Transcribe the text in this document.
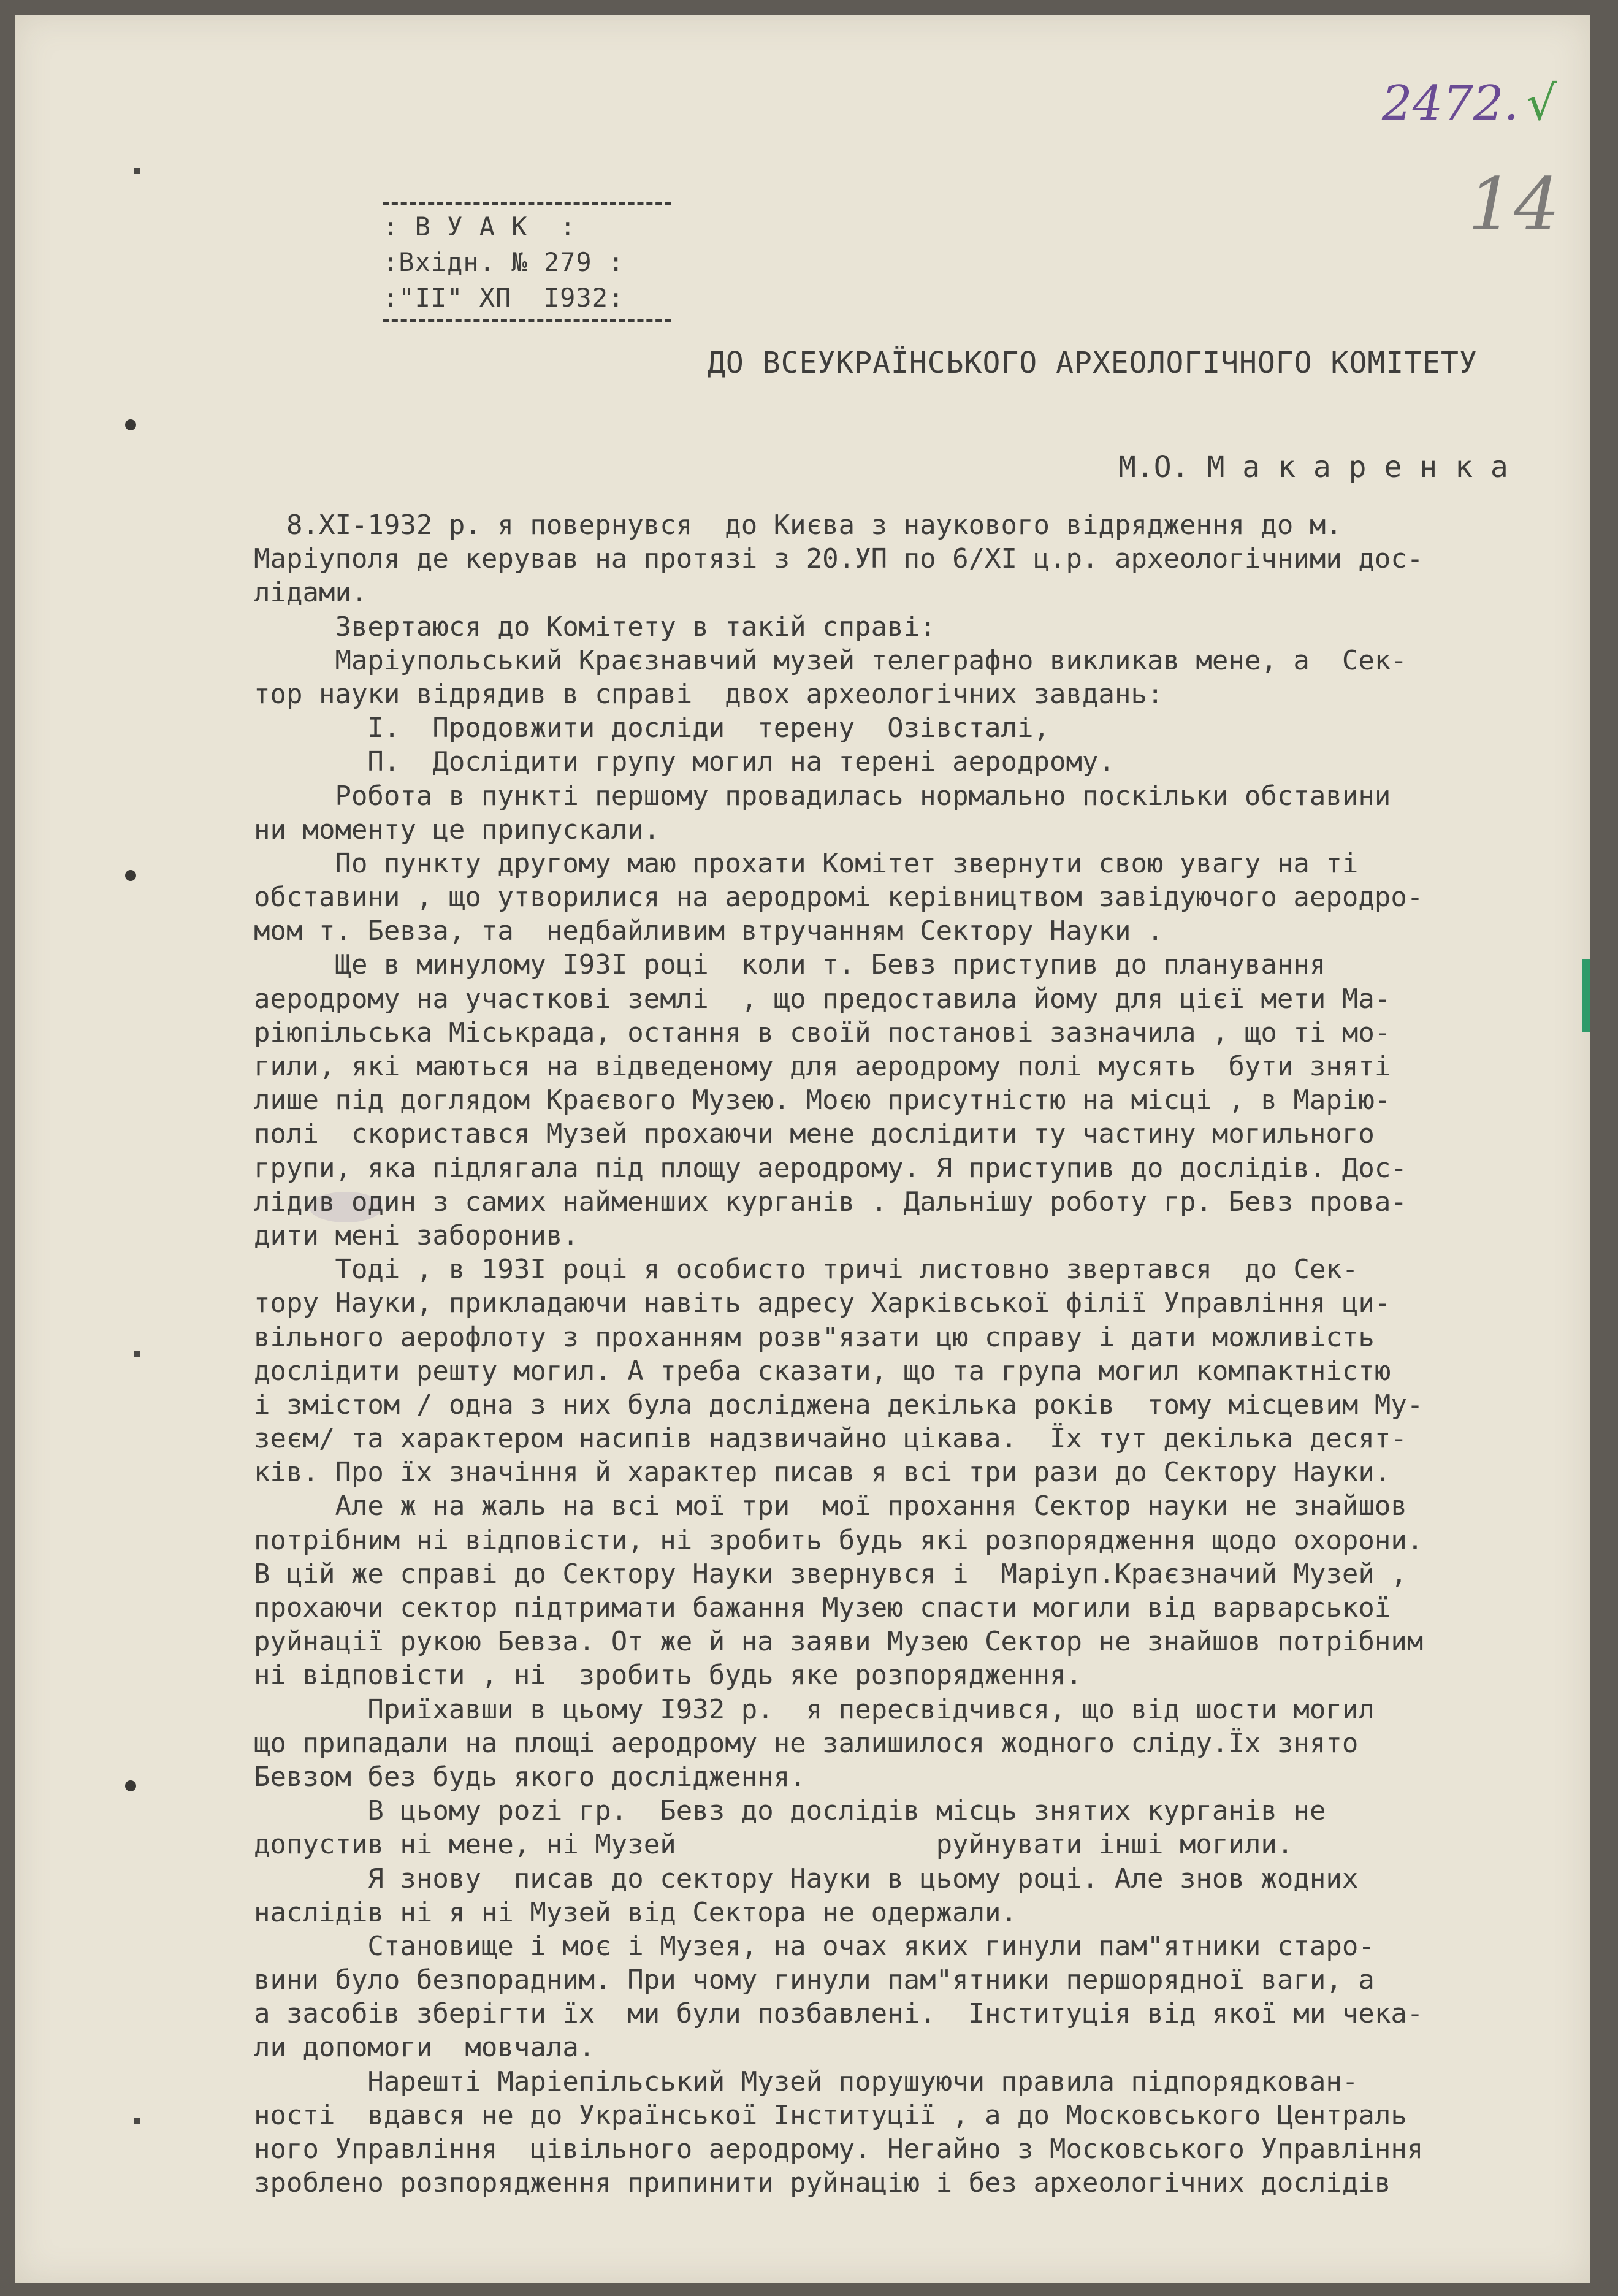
: В У А К  :
:Вхідн. № 279 :
:"ІІ" ХП  І932:
2472. √
14
ДО ВСЕУКРАЇНСЬКОГО АРХЕОЛОГІЧНОГО КОМІТЕТУ
М.О. М а к а р е н к а
8.ХІ-1932 р. я повернувся  до Києва з наукового відрядження до м.
Маріуполя де керував на протязі з 20.УП по 6/ХІ ц.р. археологічними дос-
лідами.
Звертаюся до Комітету в такій справі:
Маріупольський Краєзнавчий музей телеграфно викликав мене, а  Сек-
тор науки відрядив в справі  двох археологічних завдань:
І.  Продовжити досліди  терену  Озівсталі,
П.  Дослідити групу могил на терені аеродрому.
Робота в пункті першому провадилась нормально поскільки обставини
ни моменту це припускали.
По пункту другому маю прохати Комітет звернути свою увагу на ті
обставини , що утворилися на аеродромі керівництвом завідуючого аеродро-
мом т. Бевза, та  недбайливим втручанням Сектору Науки .
Ще в минулому І93І році  коли т. Бевз приступив до планування
аеродрому на участкові землі  , що предоставила йому для цієї мети Ма-
ріюпільська Міськрада, остання в своїй постанові зазначила , що ті мо-
гили, які маються на відведеному для аеродрому полі мусять  бути зняті
лише під доглядом Краєвого Музею. Моєю присутністю на місці , в Марію-
полі  скористався Музей прохаючи мене дослідити ту частину могильного
групи, яка підлягала під площу аеродрому. Я приступив до дослідів. Дос-
лідив один з самих найменших курганів . Дальнішу роботу гр. Бевз прова-
дити мені заборонив.
Тоді , в 193І році я особисто тричі листовно звертався  до Сек-
тору Науки, прикладаючи навіть адресу Харківської філії Управління ци-
вільного аерофлоту з проханням розв"язати цю справу і дати можливість
дослідити решту могил. А треба сказати, що та група могил компактністю
і змістом / одна з них була досліджена декілька років  тому місцевим Му-
зеєм/ та характером насипів надзвичайно цікава.  Їх тут декілька десят-
ків. Про їх значіння й характер писав я всі три рази до Сектору Науки.
Але ж на жаль на всі мої три  мої прохання Сектор науки не знайшов
потрібним ні відповісти, ні зробить будь які розпорядження щодо охорони.
В цій же справі до Сектору Науки звернувся і  Маріуп.Краєзначий Музей ,
прохаючи сектор підтримати бажання Музею спасти могили від варварської
руйнації рукою Бевза. От же й на заяви Музею Сектор не знайшов потрібним
ні відповісти , ні  зробить будь яке розпорядження.
Приїхавши в цьому І932 р.  я пересвідчився, що від шости могил
що припадали на площі аеродрому не залишилося жодного сліду.Їх знято
Бевзом без будь якого дослідження.
В цьому роzі гр.  Бевз до дослідів місць знятих курганів не
допустив ні мене, ні Музей                руйнувати інші могили.
Я знову  писав до сектору Науки в цьому році. Але знов жодних
наслідів ні я ні Музей від Сектора не одержали.
Становище і моє і Музея, на очах яких гинули пам"ятники старо-
вини було безпорадним. При чому гинули пам"ятники першорядної ваги, а
а засобів зберігти їх  ми були позбавлені.  Інституція від якої ми чека-
ли допомоги  мовчала.
Нарешті Маріепільський Музей порушуючи правила підпорядкован-
ності  вдався не до Української Інституції , а до Московського Централь
ного Управління  цівільного аеродрому. Негайно з Московського Управління
зроблено розпорядження припинити руйнацію і без археологічних дослідів
